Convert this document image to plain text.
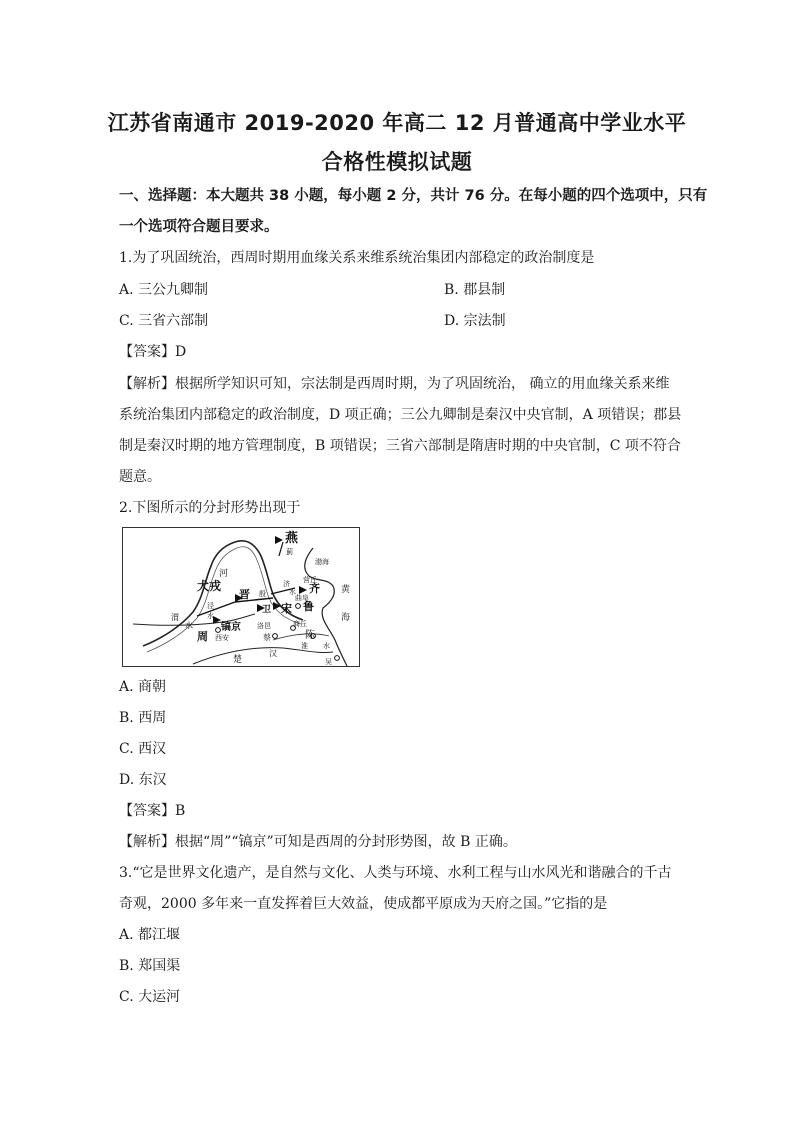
江苏省南通市 2019-2020 年高二 12 月普通高中学业水平
合格性模拟试题
一、选择题：本大题共 38 小题，每小题 2 分，共计 76 分。在每小题的四个选项中，只有
一个选项符合题目要求。
1.为了巩固统治，西周时期用血缘关系来维系统治集团内部稳定的政治制度是
A. 三公九卿制	B. 郡县制
C. 三省六部制	D. 宗法制
【答案】D
【解析】根据所学知识可知，宗法制是西周时期，为了巩固统治， 确立的用血缘关系来维
系统治集团内部稳定的政治制度，D 项正确；三公九卿制是秦汉中央官制，A 项错误；郡县
制是秦汉时期的地方管理制度，B 项错误；三省六部制是隋唐时期的中央官制，C 项不符合
题意。
2.下图所示的分封形势出现于
燕
蓟
渤海
河
犬戎
晋 殷
济 营丘
黄
齐
海
泾
水
卫 宋
曲阜
鲁
水
渭
水	镐京 洛邑	商丘
周 西安	蔡	陈
淮 水
汉
楚	吴
A. 商朝
B. 西周
C. 西汉
D. 东汉
【答案】B
【解析】根据“周”“镐京”可知是西周的分封形势图，故 B 正确。
3.“它是世界文化遗产，是自然与文化、人类与环境、水利工程与山水风光和谐融合的千古
奇观，2000 多年来一直发挥着巨大效益，使成都平原成为天府之国。”它指的是
A. 都江堰
B. 郑国渠
C. 大运河
